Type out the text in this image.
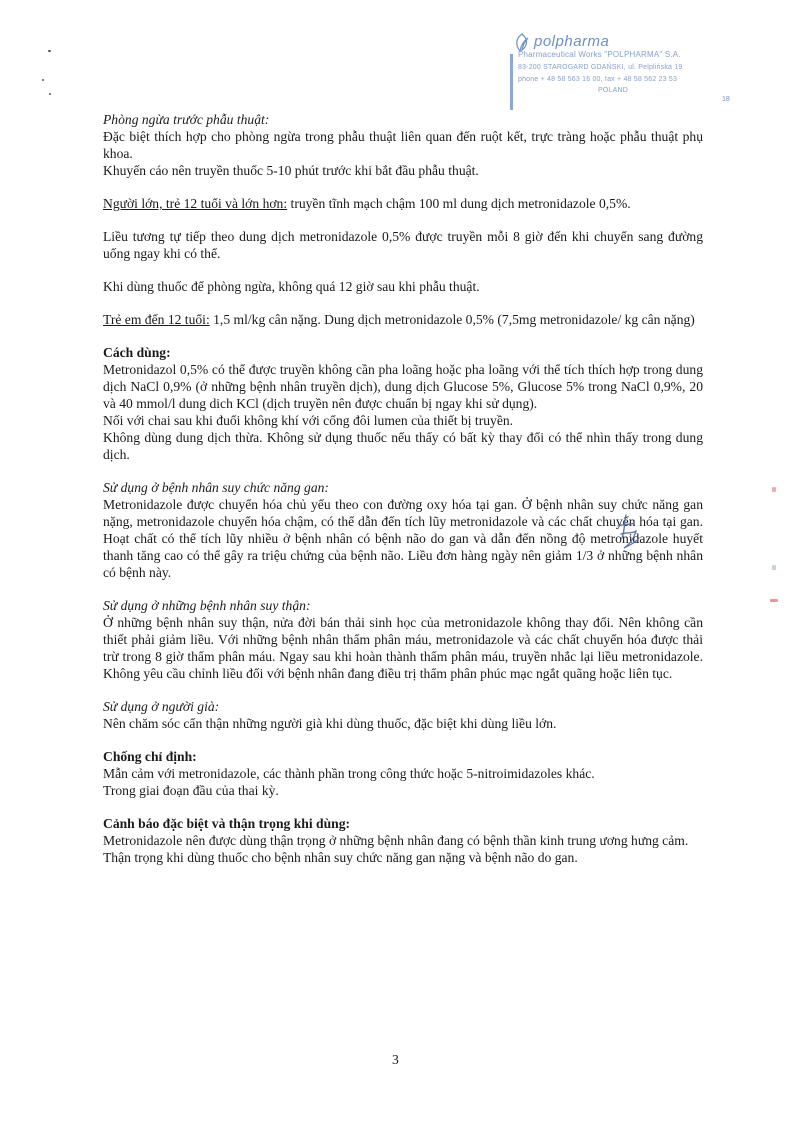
polpharma
Pharmaceutical Works "POLPHARMA" S.A.
83-200 STAROGARD GDAŃSKI, ul. Pelplińska 19
phone + 48 58 563 16 00, fax + 48 58 562 23 53
POLAND
18

Phòng ngừa trước phẫu thuật:

Đặc biệt thích hợp cho phòng ngừa trong phẫu thuật liên quan đến ruột kết, trực tràng hoặc phẫu thuật phụ khoa.

Khuyến cáo nên truyền thuốc 5-10 phút trước khi bắt đầu phẫu thuật.

Người lớn, trẻ 12 tuổi và lớn hơn: truyền tĩnh mạch chậm 100 ml dung dịch metronidazole 0,5%.

Liều tương tự tiếp theo dung dịch metronidazole 0,5% được truyền mỗi 8 giờ đến khi chuyển sang đường uống ngay khi có thể.

Khi dùng thuốc để phòng ngừa, không quá 12 giờ sau khi phẫu thuật.

Trẻ em đến 12 tuổi: 1,5 ml/kg cân nặng. Dung dịch metronidazole 0,5% (7,5mg metronidazole/ kg cân nặng)

Cách dùng:

Metronidazol 0,5% có thể được truyền không cần pha loãng hoặc pha loãng với thể tích thích hợp trong dung dịch NaCl 0,9% (ở những bệnh nhân truyền dịch), dung dịch Glucose 5%, Glucose 5% trong NaCl 0,9%, 20 và 40 mmol/l dung dich KCl (dịch truyền nên được chuẩn bị ngay khi sử dụng).

Nối với chai sau khi đuổi không khí với cổng đôi lumen của thiết bị truyền.

Không dùng dung dịch thừa. Không sử dụng thuốc nếu thấy có bất kỳ thay đổi có thể nhìn thấy trong dung dịch.

Sử dụng ở bệnh nhân suy chức năng gan:

Metronidazole được chuyển hóa chủ yếu theo con đường oxy hóa tại gan. Ở bệnh nhân suy chức năng gan nặng, metronidazole chuyển hóa chậm, có thể dẫn đến tích lũy metronidazole và các chất chuyển hóa tại gan. Hoạt chất có thể tích lũy nhiều ở bệnh nhân có bệnh não do gan và dẫn đến nồng độ metronidazole huyết thanh tăng cao có thể gây ra triệu chứng của bệnh não. Liều đơn hàng ngày nên giảm 1/3 ở những bệnh nhân có bệnh này.

Sử dụng ở những bệnh nhân suy thận:

Ở những bệnh nhân suy thận, nửa đời bán thải sinh học của metronidazole không thay đổi. Nên không cần thiết phải giảm liều. Với những bệnh nhân thẩm phân máu, metronidazole và các chất chuyển hóa được thải trừ trong 8 giờ thẩm phân máu. Ngay sau khi hoàn thành thẩm phân máu, truyền nhắc lại liều metronidazole. Không yêu cầu chỉnh liều đối với bệnh nhân đang điều trị thẩm phân phúc mạc ngắt quãng hoặc liên tục.

Sử dụng ở người già:

Nên chăm sóc cẩn thận những người già khi dùng thuốc, đặc biệt khi dùng liều lớn.

Chống chỉ định:

Mẫn cảm với metronidazole, các thành phần trong công thức hoặc 5-nitroimidazoles khác.

Trong giai đoạn đầu của thai kỳ.

Cảnh báo đặc biệt và thận trọng khi dùng:

Metronidazole nên được dùng thận trọng ở những bệnh nhân đang có bệnh thần kinh trung ương hưng cảm.

Thận trọng khi dùng thuốc cho bệnh nhân suy chức năng gan nặng và bệnh não do gan.

3
